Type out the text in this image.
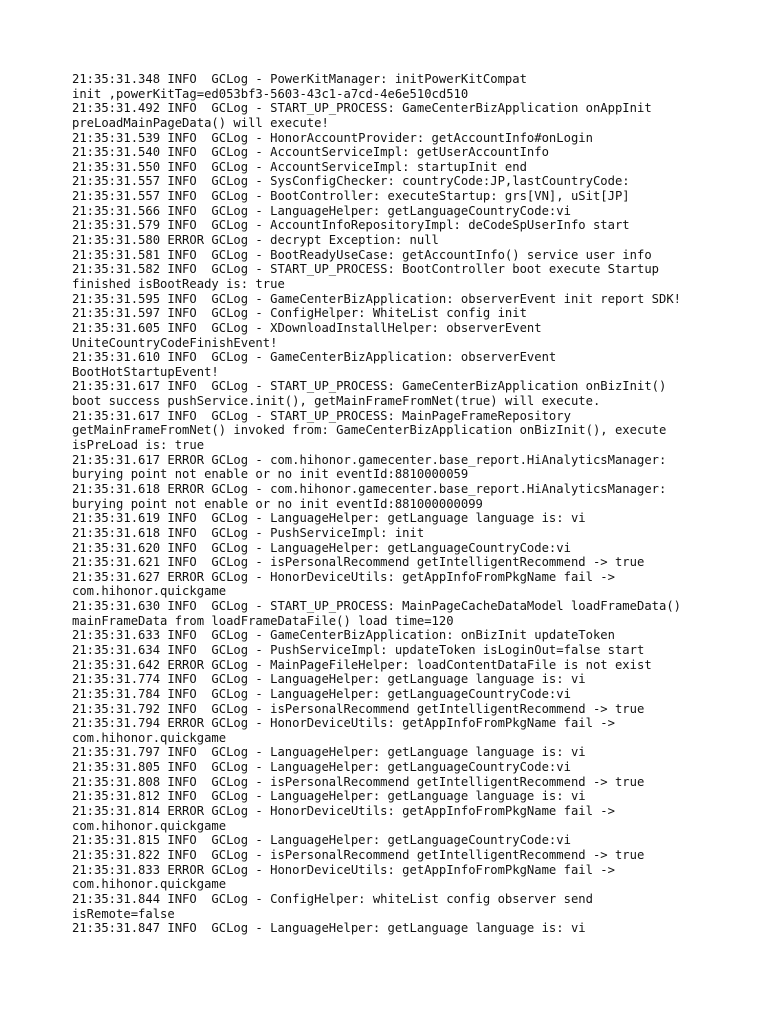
21:35:31.348 INFO  GCLog - PowerKitManager: initPowerKitCompat
init ,powerKitTag=ed053bf3-5603-43c1-a7cd-4e6e510cd510
21:35:31.492 INFO  GCLog - START_UP_PROCESS: GameCenterBizApplication onAppInit
preLoadMainPageData() will execute!
21:35:31.539 INFO  GCLog - HonorAccountProvider: getAccountInfo#onLogin
21:35:31.540 INFO  GCLog - AccountServiceImpl: getUserAccountInfo
21:35:31.550 INFO  GCLog - AccountServiceImpl: startupInit end
21:35:31.557 INFO  GCLog - SysConfigChecker: countryCode:JP,lastCountryCode:
21:35:31.557 INFO  GCLog - BootController: executeStartup: grs[VN], uSit[JP]
21:35:31.566 INFO  GCLog - LanguageHelper: getLanguageCountryCode:vi
21:35:31.579 INFO  GCLog - AccountInfoRepositoryImpl: deCodeSpUserInfo start
21:35:31.580 ERROR GCLog - decrypt Exception: null
21:35:31.581 INFO  GCLog - BootReadyUseCase: getAccountInfo() service user info
21:35:31.582 INFO  GCLog - START_UP_PROCESS: BootController boot execute Startup
finished isBootReady is: true
21:35:31.595 INFO  GCLog - GameCenterBizApplication: observerEvent init report SDK!
21:35:31.597 INFO  GCLog - ConfigHelper: WhiteList config init
21:35:31.605 INFO  GCLog - XDownloadInstallHelper: observerEvent
UniteCountryCodeFinishEvent!
21:35:31.610 INFO  GCLog - GameCenterBizApplication: observerEvent
BootHotStartupEvent!
21:35:31.617 INFO  GCLog - START_UP_PROCESS: GameCenterBizApplication onBizInit()
boot success pushService.init(), getMainFrameFromNet(true) will execute.
21:35:31.617 INFO  GCLog - START_UP_PROCESS: MainPageFrameRepository
getMainFrameFromNet() invoked from: GameCenterBizApplication onBizInit(), execute
isPreLoad is: true
21:35:31.617 ERROR GCLog - com.hihonor.gamecenter.base_report.HiAnalyticsManager:
burying point not enable or no init eventId:8810000059
21:35:31.618 ERROR GCLog - com.hihonor.gamecenter.base_report.HiAnalyticsManager:
burying point not enable or no init eventId:881000000099
21:35:31.619 INFO  GCLog - LanguageHelper: getLanguage language is: vi
21:35:31.618 INFO  GCLog - PushServiceImpl: init
21:35:31.620 INFO  GCLog - LanguageHelper: getLanguageCountryCode:vi
21:35:31.621 INFO  GCLog - isPersonalRecommend getIntelligentRecommend -> true
21:35:31.627 ERROR GCLog - HonorDeviceUtils: getAppInfoFromPkgName fail ->
com.hihonor.quickgame
21:35:31.630 INFO  GCLog - START_UP_PROCESS: MainPageCacheDataModel loadFrameData()
mainFrameData from loadFrameDataFile() load time=120
21:35:31.633 INFO  GCLog - GameCenterBizApplication: onBizInit updateToken
21:35:31.634 INFO  GCLog - PushServiceImpl: updateToken isLoginOut=false start
21:35:31.642 ERROR GCLog - MainPageFileHelper: loadContentDataFile is not exist
21:35:31.774 INFO  GCLog - LanguageHelper: getLanguage language is: vi
21:35:31.784 INFO  GCLog - LanguageHelper: getLanguageCountryCode:vi
21:35:31.792 INFO  GCLog - isPersonalRecommend getIntelligentRecommend -> true
21:35:31.794 ERROR GCLog - HonorDeviceUtils: getAppInfoFromPkgName fail ->
com.hihonor.quickgame
21:35:31.797 INFO  GCLog - LanguageHelper: getLanguage language is: vi
21:35:31.805 INFO  GCLog - LanguageHelper: getLanguageCountryCode:vi
21:35:31.808 INFO  GCLog - isPersonalRecommend getIntelligentRecommend -> true
21:35:31.812 INFO  GCLog - LanguageHelper: getLanguage language is: vi
21:35:31.814 ERROR GCLog - HonorDeviceUtils: getAppInfoFromPkgName fail ->
com.hihonor.quickgame
21:35:31.815 INFO  GCLog - LanguageHelper: getLanguageCountryCode:vi
21:35:31.822 INFO  GCLog - isPersonalRecommend getIntelligentRecommend -> true
21:35:31.833 ERROR GCLog - HonorDeviceUtils: getAppInfoFromPkgName fail ->
com.hihonor.quickgame
21:35:31.844 INFO  GCLog - ConfigHelper: whiteList config observer send
isRemote=false
21:35:31.847 INFO  GCLog - LanguageHelper: getLanguage language is: vi
